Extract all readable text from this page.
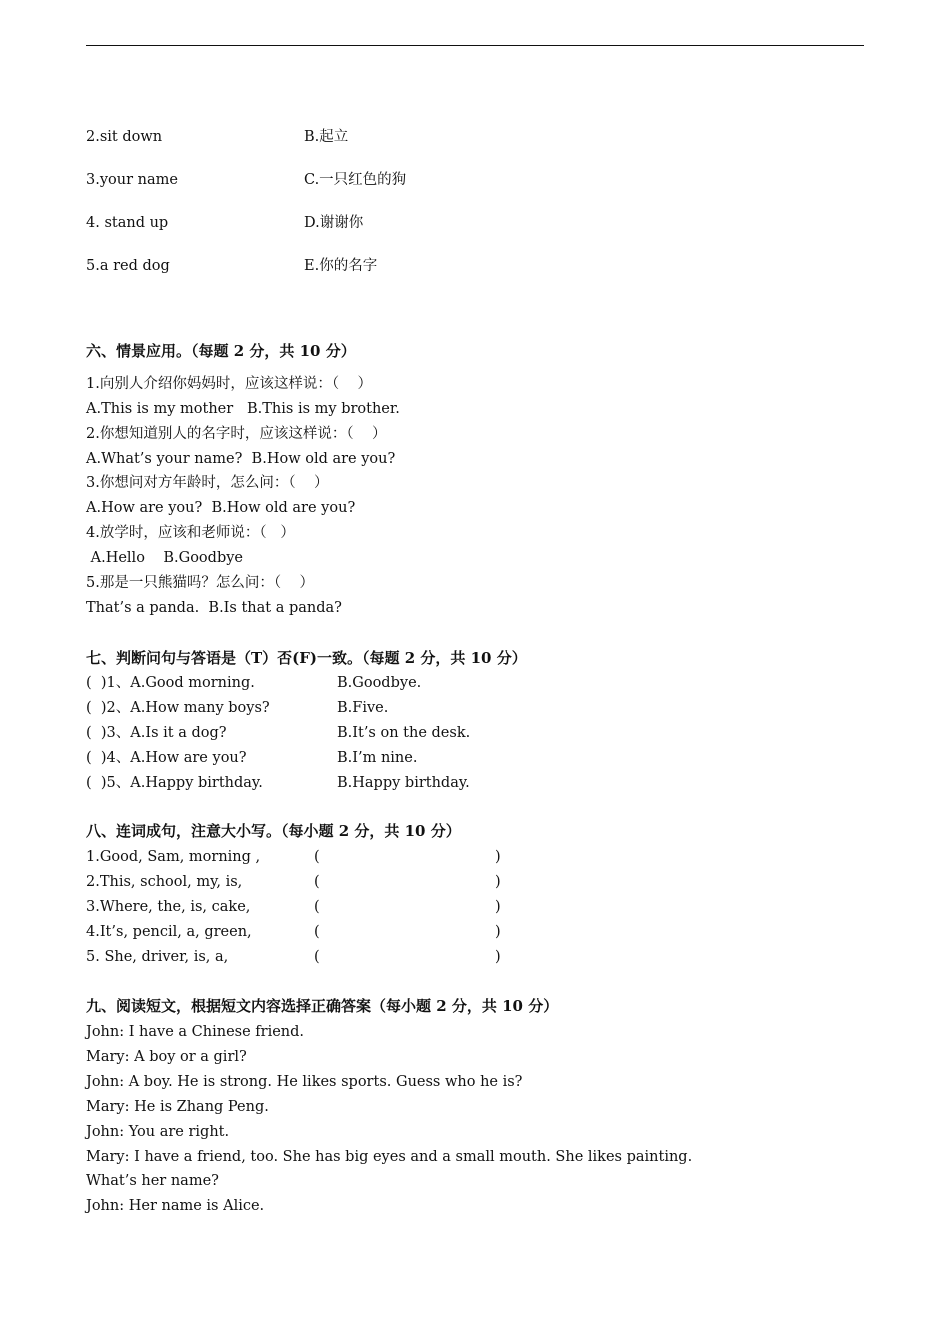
2.sit down	B.起立
3.your name	C.一只红色的狗
4. stand up	D.谢谢你
5.a red dog	E.你的名字
六、情景应用。（每题 2 分，共 10 分）
1.向别人介绍你妈妈时，应该这样说：（    ）
A.This is my mother   B.This is my brother.
2.你想知道别人的名字时，应该这样说：（    ）
A.What’s your name?  B.How old are you?
3.你想问对方年龄时，怎么问：（    ）
A.How are you?  B.How old are you?
4.放学时，应该和老师说：（   ）
A.Hello    B.Goodbye
5.那是一只熊猫吗？怎么问：（    ）
That’s a panda.  B.Is that a panda?
七、判断问句与答语是（T）否(F)一致。（每题 2 分，共 10 分）
(  )1、A.Good morning.	B.Goodbye.
(  )2、A.How many boys?	B.Five.
(  )3、A.Is it a dog?	B.It’s on the desk.
(  )4、A.How are you?	B.I’m nine.
(  )5、A.Happy birthday.	B.Happy birthday.
八、连词成句，注意大小写。（每小题 2 分，共 10 分）
1.Good, Sam, morning ,	(	)
2.This, school, my, is,	(	)
3.Where, the, is, cake,	(	)
4.It’s, pencil, a, green,	(	)
5. She, driver, is, a,	(	)
九、阅读短文，根据短文内容选择正确答案（每小题 2 分，共 10 分）
John: I have a Chinese friend.
Mary: A boy or a girl?
John: A boy. He is strong. He likes sports. Guess who he is?
Mary: He is Zhang Peng.
John: You are right.
Mary: I have a friend, too. She has big eyes and a small mouth. She likes painting.
What’s her name?
John: Her name is Alice.
